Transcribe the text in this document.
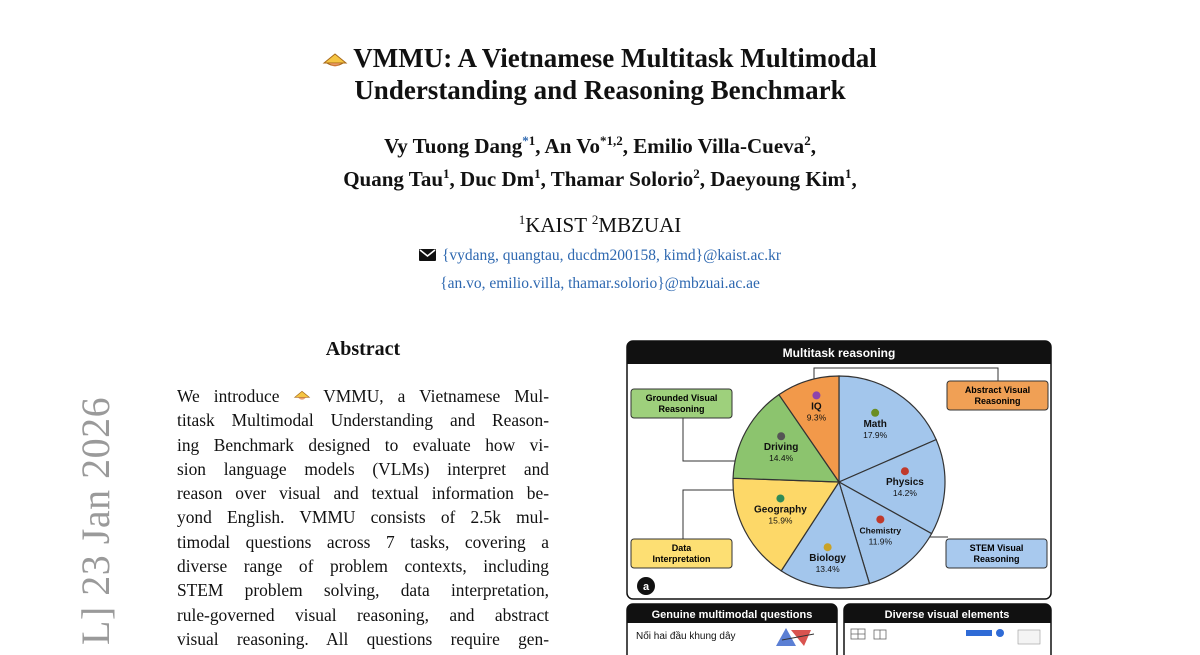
L] 23 Jan 2026
VMMU: A Vietnamese Multitask Multimodal
Understanding and Reasoning Benchmark
Vy Tuong Dang$^{*1}$, An Vo$^{*1,2}$, Emilio Villa-Cueva$^2$,
Quang Tau$^1$, Duc Dm$^1$, Thamar Solorio$^2$, Daeyoung Kim$^1$,
$^1$KAIST $^2$MBZUAI
{vydang, quangtau, ducdm200158, kimd}@kaist.ac.kr
{an.vo, emilio.villa, thamar.solorio}@mbzuai.ac.ae
Abstract
We introduce  VMMU, a Vietnamese Mul-
titask Multimodal Understanding and Reason-
ing Benchmark designed to evaluate how vi-
sion language models (VLMs) interpret and
reason over visual and textual information be-
yond English. VMMU consists of 2.5k mul-
timodal questions across 7 tasks, covering a
diverse range of problem contexts, including
STEM problem solving, data interpretation,
rule-governed visual reasoning, and abstract
visual reasoning. All questions require gen-
Multitask reasoning
Math
17.9%
Physics
14.2%
Chemistry
11.9%
Biology
13.4%
Geography
15.9%
Driving
14.4%
IQ
9.3%
Grounded Visual
Reasoning
Abstract Visual
Reasoning
Data
Interpretation
STEM Visual
Reasoning
a
Genuine multimodal questions
Nối hai đầu khung dây
Diverse visual elements
